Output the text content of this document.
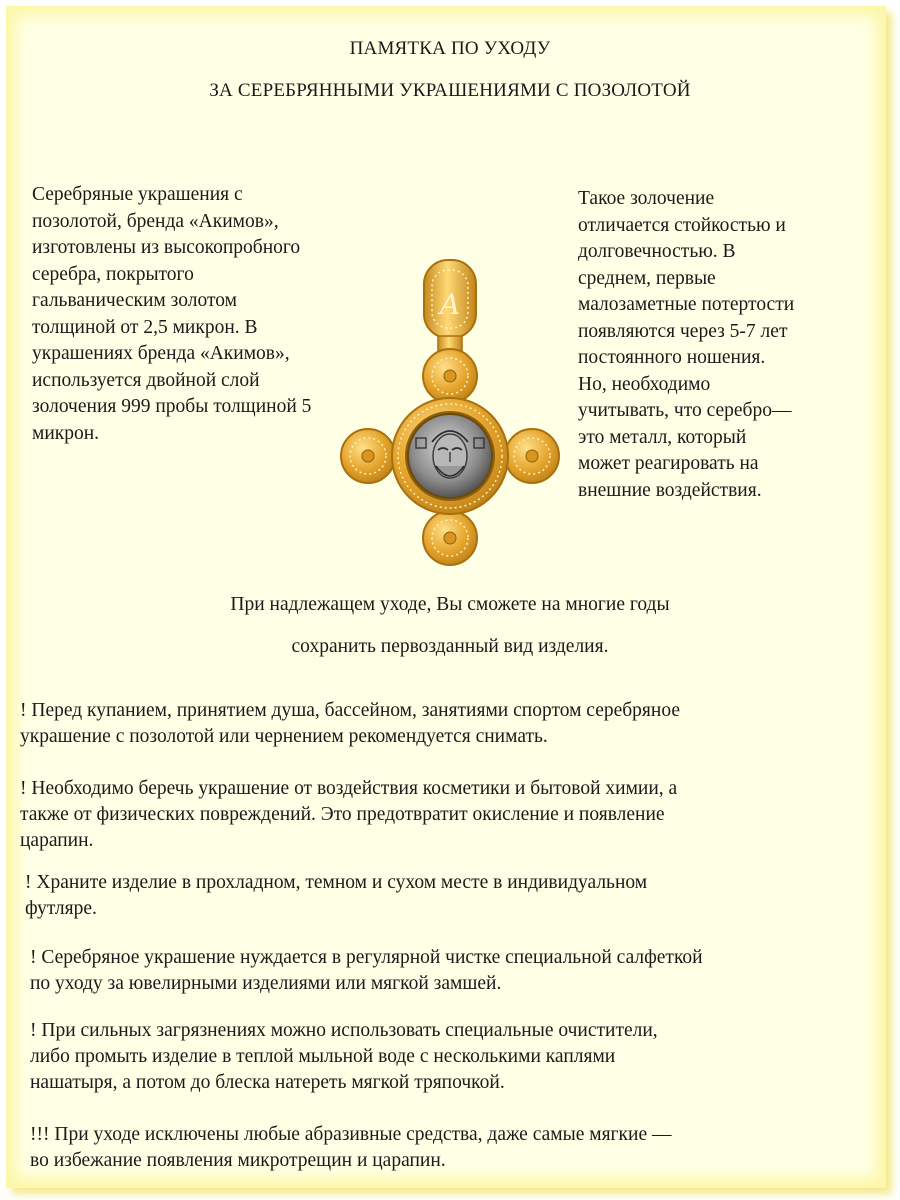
ПАМЯТКА ПО УХОДУ
ЗА СЕРЕБРЯННЫМИ УКРАШЕНИЯМИ С ПОЗОЛОТОЙ
Серебряные украшения с
позолотой, бренда «Акимов»,
изготовлены из высокопробного
серебра, покрытого
гальваническим золотом
толщиной от 2,5 микрон. В
украшениях бренда «Акимов»,
используется двойной слой
золочения 999 пробы толщиной 5
микрон.
Такое золочение
отличается стойкостью и
долговечностью. В
среднем, первые
малозаметные потертости
появляются через 5-7 лет
постоянного ношения.
Но, необходимо
учитывать, что серебро—
это металл, который
может реагировать на
внешние воздействия.
A
При надлежащем уходе, Вы сможете на многие годы
сохранить первозданный вид изделия.
! Перед купанием, принятием душа, бассейном, занятиями спортом серебряное
украшение с позолотой или чернением рекомендуется снимать.
! Необходимо беречь украшение от воздействия косметики и бытовой химии, а
также от физических повреждений. Это предотвратит окисление и появление
царапин.
! Храните изделие в прохладном, темном и сухом месте в индивидуальном
футляре.
! Серебряное украшение нуждается в регулярной чистке специальной салфеткой
по уходу за ювелирными изделиями или мягкой замшей.
! При сильных загрязнениях можно использовать специальные очистители,
либо промыть изделие в теплой мыльной воде с несколькими каплями
нашатыря, а потом до блеска натереть мягкой тряпочкой.
!!! При уходе исключены любые абразивные средства, даже самые мягкие —
во избежание появления микротрещин и царапин.
